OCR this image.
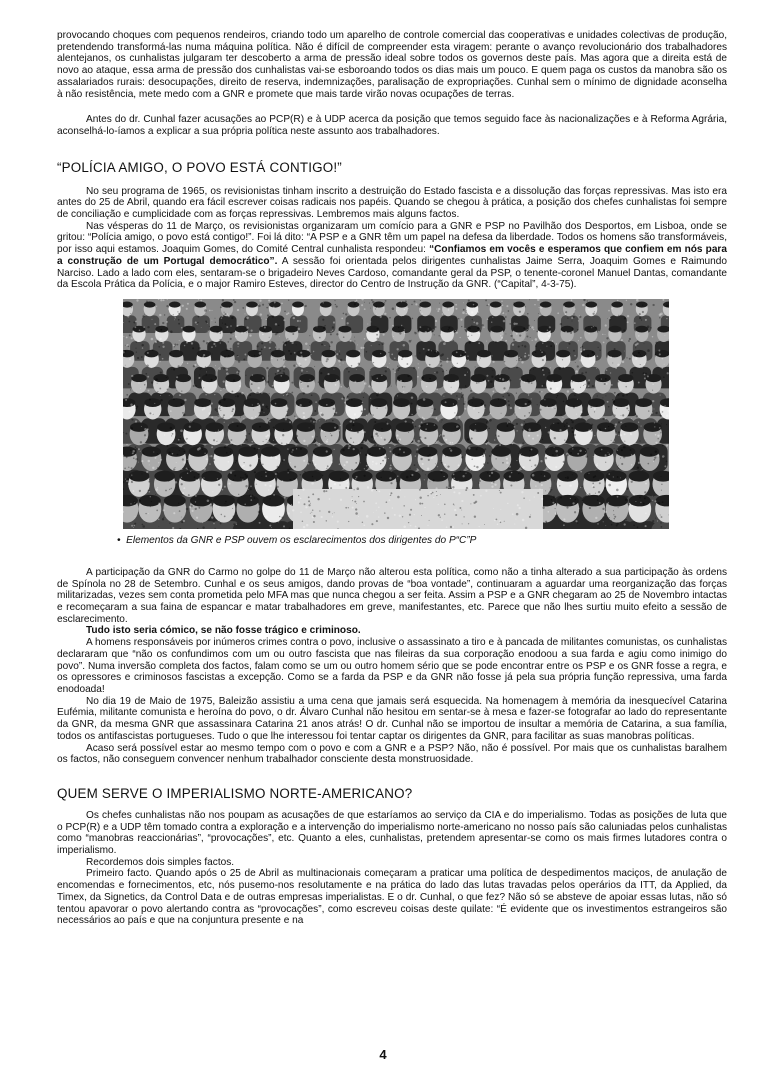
provocando choques com pequenos rendeiros, criando todo um aparelho de controle comercial das cooperativas e unidades colectivas de produção, pretendendo transformá-las numa máquina política. Não é difícil de compreender esta viragem: perante o avanço revolucionário dos trabalhadores alentejanos, os cunhalistas julgaram ter descoberto a arma de pressão ideal sobre todos os governos deste país. Mas agora que a direita está de novo ao ataque, essa arma de pressão dos cunhalistas vai-se esboroando todos os dias mais um pouco. E quem paga os custos da manobra são os assalariados rurais: desocupações, direito de reserva, indemnizações, paralisação de expropriações. Cunhal sem o mínimo de dignidade aconselha à não resistência, mete medo com a GNR e promete que mais tarde virão novas ocupações de terras.

Antes do dr. Cunhal fazer acusações ao PCP(R) e à UDP acerca da posição que temos seguido face às nacionalizações e à Reforma Agrária, aconselhá-lo-íamos a explicar a sua própria política neste assunto aos trabalhadores.

“POLÍCIA AMIGO, O POVO ESTÁ CONTIGO!”

No seu programa de 1965, os revisionistas tinham inscrito a destruição do Estado fascista e a dissolução das forças repressivas. Mas isto era antes do 25 de Abril, quando era fácil escrever coisas radicais nos papéis. Quando se chegou à prática, a posição dos chefes cunhalistas foi sempre de conciliação e cumplicidade com as forças repressivas. Lembremos mais alguns factos.

Nas vésperas do 11 de Março, os revisionistas organizaram um comício para a GNR e PSP no Pavilhão dos Desportos, em Lisboa, onde se gritou: “Polícia amigo, o povo está contigo!”. Foi lá dito: “A PSP e a GNR têm um papel na defesa da liberdade. Todos os homens são transformáveis, por isso aqui estamos. Joaquim Gomes, do Comité Central cunhalista respondeu: “Confiamos em vocês e esperamos que confiem em nós para a construção de um Portugal democrático”. A sessão foi orientada pelos dirigentes cunhalistas Jaime Serra, Joaquim Gomes e Raimundo Narciso. Lado a lado com eles, sentaram-se o brigadeiro Neves Cardoso, comandante geral da PSP, o tenente-coronel Manuel Dantas, comandante da Escola Prática da Polícia, e o major Ramiro Esteves, director do Centro de Instrução da GNR. (“Capital”, 4-3-75).

•  Elementos da GNR e PSP ouvem os esclarecimentos dos dirigentes do P“C”P

A participação da GNR do Carmo no golpe do 11 de Março não alterou esta política, como não a tinha alterado a sua participação às ordens de Spínola no 28 de Setembro. Cunhal e os seus amigos, dando provas de “boa vontade”, continuaram a aguardar uma reorganização das forças militarizadas, vezes sem conta prometida pelo MFA mas que nunca chegou a ser feita. Assim a PSP e a GNR chegaram ao 25 de Novembro intactas e recomeçaram a sua faina de espancar e matar trabalhadores em greve, manifestantes, etc. Parece que não lhes surtiu muito efeito a sessão de esclarecimento.

Tudo isto seria cómico, se não fosse trágico e criminoso.

A homens responsáveis por inúmeros crimes contra o povo, inclusive o assassinato a tiro e à pancada de militantes comunistas, os cunhalistas declararam que “não os confundimos com um ou outro fascista que nas fileiras da sua corporação enodoou a sua farda e agiu como inimigo do povo”. Numa inversão completa dos factos, falam como se um ou outro homem sério que se pode encontrar entre os PSP e os GNR fosse a regra, e os opressores e criminosos fascistas a excepção. Como se a farda da PSP e da GNR não fosse já pela sua própria função repressiva, uma farda enodoada!

No dia 19 de Maio de 1975, Baleizão assistiu a uma cena que jamais será esquecida. Na homenagem à memória da inesquecível Catarina Eufémia, militante comunista e heroína do povo, o dr. Álvaro Cunhal não hesitou em sentar-se à mesa e fazer-se fotografar ao lado do representante da GNR, da mesma GNR que assassinara Catarina 21 anos atrás! O dr. Cunhal não se importou de insultar a memória de Catarina, a sua família, todos os antifascistas portugueses. Tudo o que lhe interessou foi tentar captar os dirigentes da GNR, para facilitar as suas manobras políticas.

Acaso será possível estar ao mesmo tempo com o povo e com a GNR e a PSP? Não, não é possível. Por mais que os cunhalistas baralhem os factos, não conseguem convencer nenhum trabalhador consciente desta monstruosidade.

QUEM SERVE O IMPERIALISMO NORTE-AMERICANO?

Os chefes cunhalistas não nos poupam as acusações de que estaríamos ao serviço da CIA e do imperialismo. Todas as posições de luta que o PCP(R) e a UDP têm tomado contra a exploração e a intervenção do imperialismo norte-americano no nosso país são caluniadas pelos cunhalistas como “manobras reaccionárias”, “provocações”, etc. Quanto a eles, cunhalistas, pretendem apresentar-se como os mais firmes lutadores contra o imperialismo.

Recordemos dois simples factos.

Primeiro facto. Quando após o 25 de Abril as multinacionais começaram a praticar uma política de despedimentos maciços, de anulação de encomendas e fornecimentos, etc, nós pusemo-nos resolutamente e na prática do lado das lutas travadas pelos operários da ITT, da Applied, da Timex, da Signetics, da Control Data e de outras empresas imperialistas. E o dr. Cunhal, o que fez? Não só se absteve de apoiar essas lutas, não só tentou apavorar o povo alertando contra as “provocações”, como escreveu coisas deste quilate: “É evidente que os investimentos estrangeiros são necessários ao país e que na conjuntura presente e na

4
